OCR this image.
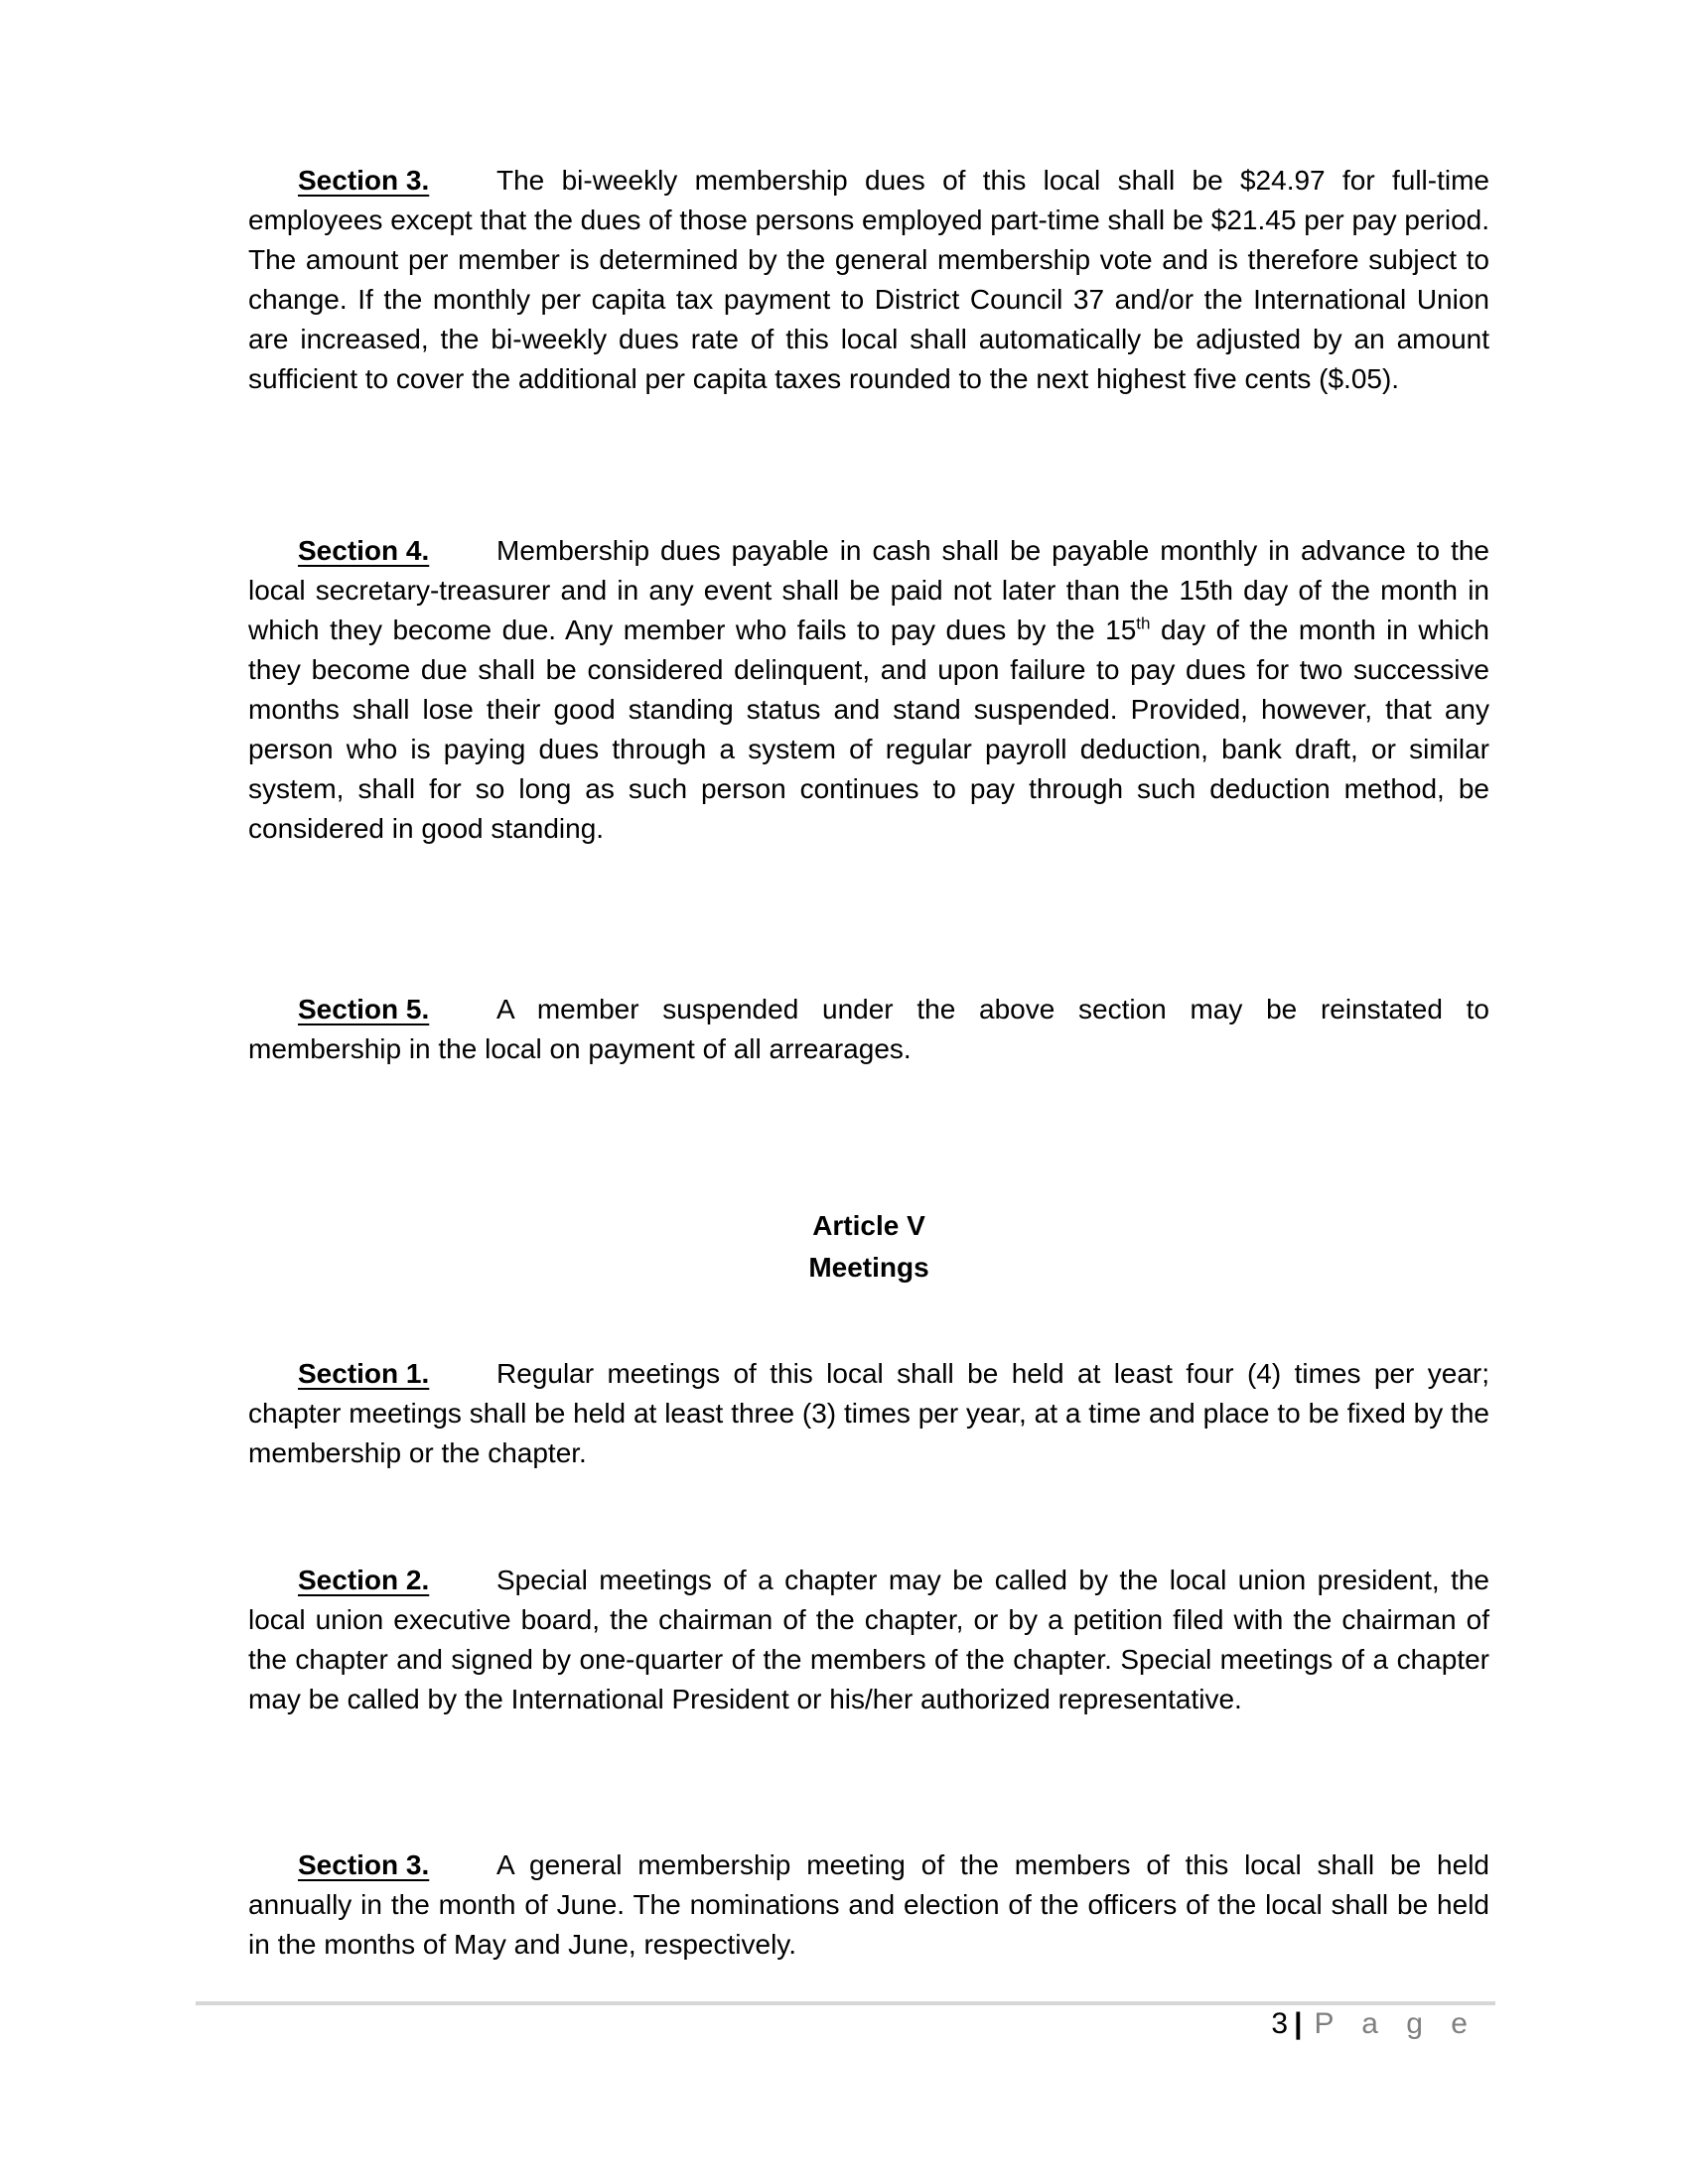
Section 3. The bi-weekly membership dues of this local shall be $24.97 for full-time employees except that the dues of those persons employed part-time shall be $21.45 per pay period. The amount per member is determined by the general membership vote and is therefore subject to change. If the monthly per capita tax payment to District Council 37 and/or the International Union are increased, the bi-weekly dues rate of this local shall automatically be adjusted by an amount sufficient to cover the additional per capita taxes rounded to the next highest five cents ($.05).

Section 4. Membership dues payable in cash shall be payable monthly in advance to the local secretary-treasurer and in any event shall be paid not later than the 15th day of the month in which they become due. Any member who fails to pay dues by the 15th day of the month in which they become due shall be considered delinquent, and upon failure to pay dues for two successive months shall lose their good standing status and stand suspended. Provided, however, that any person who is paying dues through a system of regular payroll deduction, bank draft, or similar system, shall for so long as such person continues to pay through such deduction method, be considered in good standing.

Section 5. A member suspended under the above section may be reinstated to membership in the local on payment of all arrearages.

Article V

Meetings

Section 1. Regular meetings of this local shall be held at least four (4) times per year; chapter meetings shall be held at least three (3) times per year, at a time and place to be fixed by the membership or the chapter.

Section 2. Special meetings of a chapter may be called by the local union president, the local union executive board, the chairman of the chapter, or by a petition filed with the chairman of the chapter and signed by one-quarter of the members of the chapter. Special meetings of a chapter may be called by the International President or his/her authorized representative.

Section 3. A general membership meeting of the members of this local shall be held annually in the month of June. The nominations and election of the officers of the local shall be held in the months of May and June, respectively.

3 | P a g e
